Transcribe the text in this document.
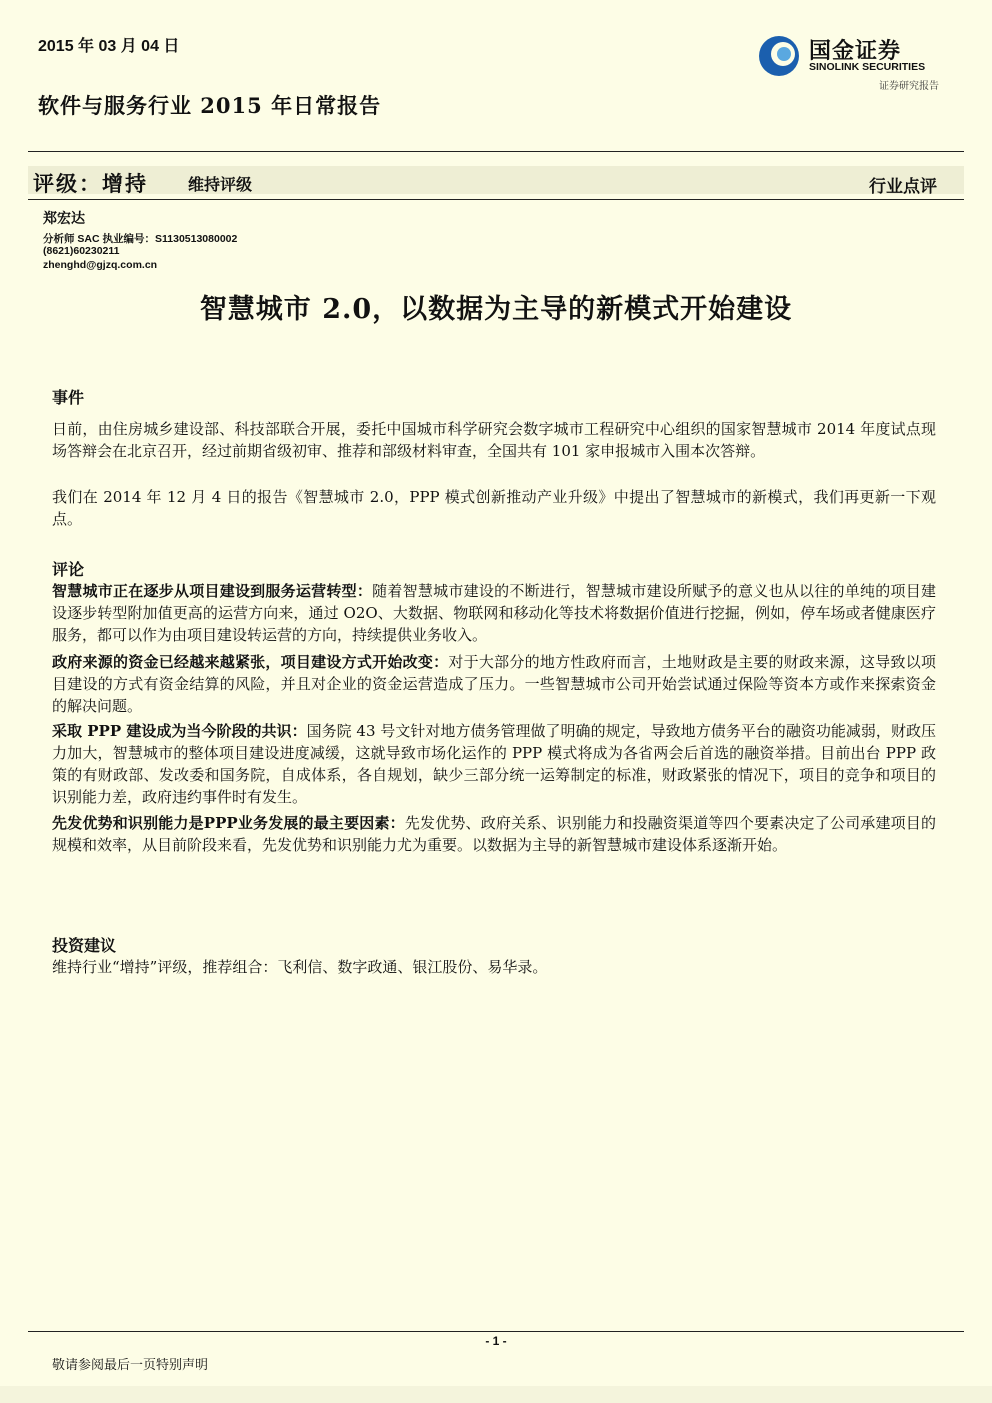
2015 年 03 月 04 日	国金证券
SINOLINK SECURITIES
证券研究报告
软件与服务行业 2015 年日常报告
评级：增持	维持评级	行业点评
郑宏达
分析师 SAC 执业编号：S1130513080002
(8621)60230211
zhenghd@gjzq.com.cn
智慧城市 2.0，以数据为主导的新模式开始建设
事件
日前，由住房城乡建设部、科技部联合开展，委托中国城市科学研究会数字城市工程研究中心组织的国家智慧城市 2014 年度试点现场答辩会在北京召开，经过前期省级初审、推荐和部级材料审查，全国共有 101 家申报城市入围本次答辩。
我们在 2014 年 12 月 4 日的报告《智慧城市 2.0，PPP 模式创新推动产业升级》中提出了智慧城市的新模式，我们再更新一下观点。
评论
智慧城市正在逐步从项目建设到服务运营转型：随着智慧城市建设的不断进行，智慧城市建设所赋予的意义也从以往的单纯的项目建设逐步转型附加值更高的运营方向来，通过 O2O、大数据、物联网和移动化等技术将数据价值进行挖掘，例如，停车场或者健康医疗服务，都可以作为由项目建设转运营的方向，持续提供业务收入。
政府来源的资金已经越来越紧张，项目建设方式开始改变：对于大部分的地方性政府而言，土地财政是主要的财政来源，这导致以项目建设的方式有资金结算的风险，并且对企业的资金运营造成了压力。一些智慧城市公司开始尝试通过保险等资本方或作来探索资金的解决问题。
采取 PPP 建设成为当今阶段的共识：国务院 43 号文针对地方债务管理做了明确的规定，导致地方债务平台的融资功能减弱，财政压力加大，智慧城市的整体项目建设进度减缓，这就导致市场化运作的 PPP 模式将成为各省两会后首选的融资举措。目前出台 PPP 政策的有财政部、发改委和国务院，自成体系，各自规划，缺少三部分统一运筹制定的标准，财政紧张的情况下，项目的竞争和项目的识别能力差，政府违约事件时有发生。
先发优势和识别能力是PPP业务发展的最主要因素：先发优势、政府关系、识别能力和投融资渠道等四个要素决定了公司承建项目的规模和效率，从目前阶段来看，先发优势和识别能力尤为重要。以数据为主导的新智慧城市建设体系逐渐开始。
投资建议
维持行业“增持”评级，推荐组合：飞利信、数字政通、银江股份、易华录。
- 1 -
敬请参阅最后一页特别声明
